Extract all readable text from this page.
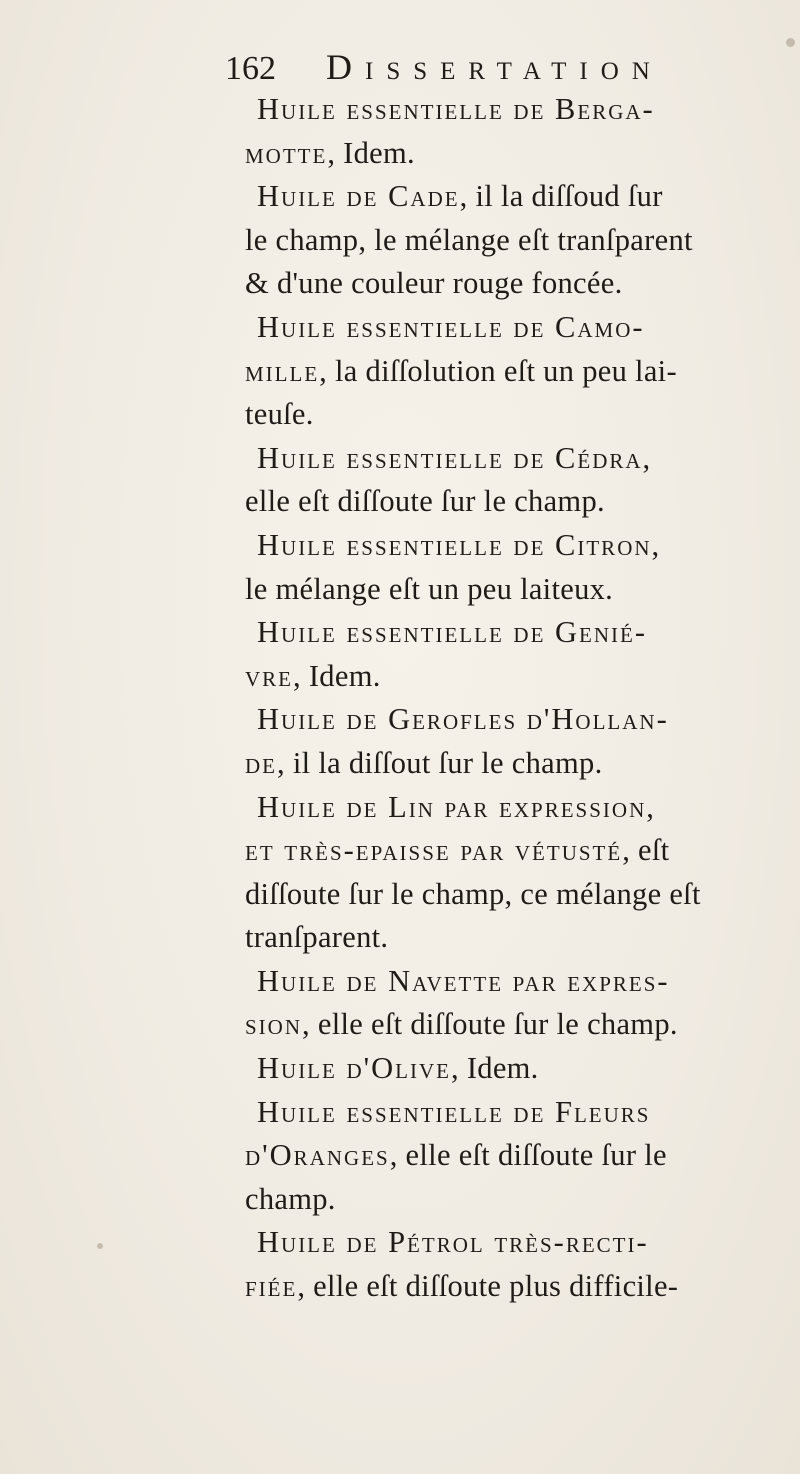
162 Dissertation
Huile essentielle de Berga-
motte, Idem.
Huile de Cade, il la diſſoud ſur
le champ, le mélange eſt tranſparent
& d'une couleur rouge foncée.
Huile essentielle de Camo-
mille, la diſſolution eſt un peu lai-
teuſe.
Huile essentielle de Cédra,
elle eſt diſſoute ſur le champ.
Huile essentielle de Citron,
le mélange eſt un peu laiteux.
Huile essentielle de Genié-
vre, Idem.
Huile de Gerofles d'Hollan-
de, il la diſſout ſur le champ.
Huile de Lin par expression,
et très-epaisse par vétusté, eſt
diſſoute ſur le champ, ce mélange eſt
tranſparent.
Huile de Navette par expres-
sion, elle eſt diſſoute ſur le champ.
Huile d'Olive, Idem.
Huile essentielle de Fleurs
d'Oranges, elle eſt diſſoute ſur le
champ.
Huile de Pétrol très-recti-
fiée, elle eſt diſſoute plus difficile-
